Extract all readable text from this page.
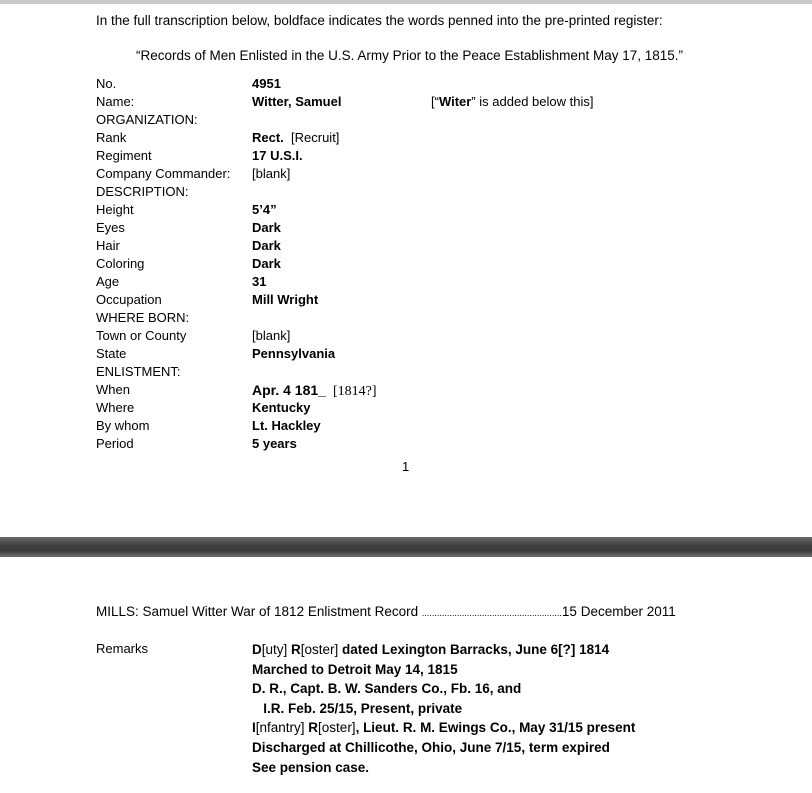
In the full transcription below, boldface indicates the words penned into the pre-printed register:
“Records of Men Enlisted in the U.S. Army Prior to the Peace Establishment May 17, 1815.”
No.	4951
Name:	Witter, Samuel	[“Witer” is added below this]
ORGANIZATION:
Rank	Rect.  [Recruit]
Regiment	17 U.S.I.
Company Commander: [blank]
DESCRIPTION:
Height	5’4”
Eyes	Dark
Hair	Dark
Coloring	Dark
Age	31
Occupation	Mill Wright
WHERE BORN:
Town or County	[blank]
State	Pennsylvania
ENLISTMENT:
When	Apr. 4 181_  [1814?]
Where	Kentucky
By whom	Lt. Hackley
Period	5 years
1
MILLS: Samuel Witter War of 1812 Enlistment Record ........................................................15 December 2011
Remarks	D[uty] R[oster] dated Lexington Barracks, June 6[?] 1814
Marched to Detroit May 14, 1815
D. R., Capt. B. W. Sanders Co., Fb. 16, and
I.R. Feb. 25/15, Present, private
I[nfantry] R[oster], Lieut. R. M. Ewings Co., May 31/15 present
Discharged at Chillicothe, Ohio, June 7/15, term expired
See pension case.
